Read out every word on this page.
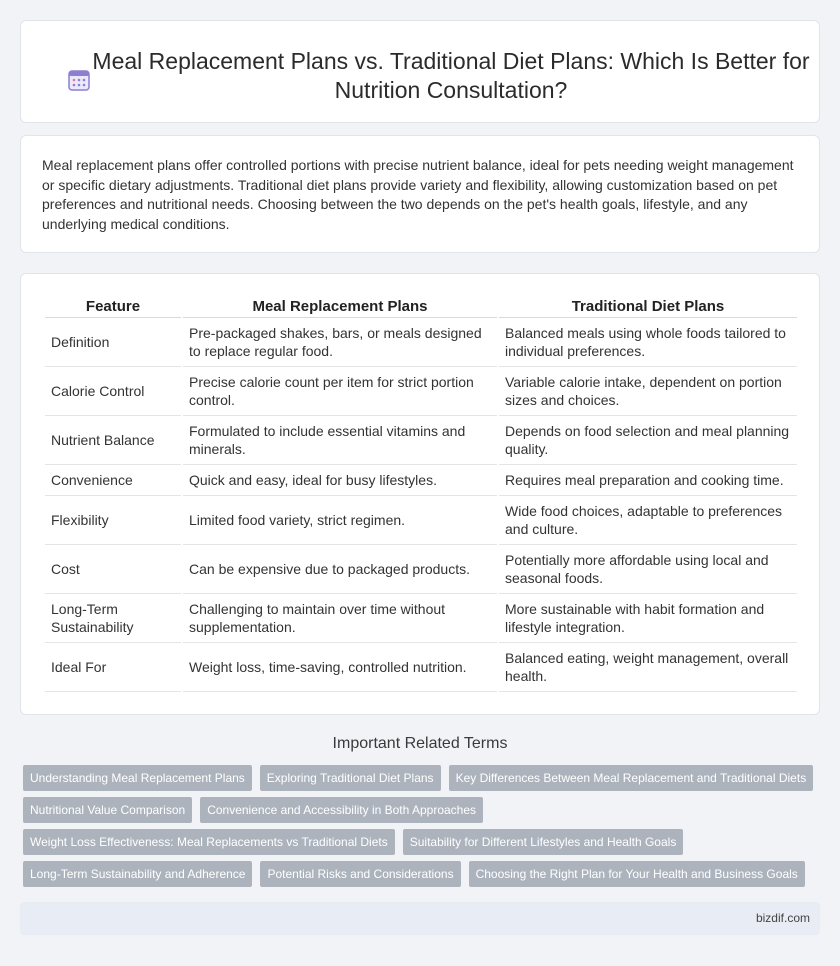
Meal Replacement Plans vs. Traditional Diet Plans: Which Is Better for Nutrition Consultation?

Meal replacement plans offer controlled portions with precise nutrient balance, ideal for pets needing weight management or specific dietary adjustments. Traditional diet plans provide variety and flexibility, allowing customization based on pet preferences and nutritional needs. Choosing between the two depends on the pet's health goals, lifestyle, and any underlying medical conditions.

Feature	Meal Replacement Plans	Traditional Diet Plans
Definition	Pre-packaged shakes, bars, or meals designed to replace regular food.	Balanced meals using whole foods tailored to individual preferences.
Calorie Control	Precise calorie count per item for strict portion control.	Variable calorie intake, dependent on portion sizes and choices.
Nutrient Balance	Formulated to include essential vitamins and minerals.	Depends on food selection and meal planning quality.
Convenience	Quick and easy, ideal for busy lifestyles.	Requires meal preparation and cooking time.
Flexibility	Limited food variety, strict regimen.	Wide food choices, adaptable to preferences and culture.
Cost	Can be expensive due to packaged products.	Potentially more affordable using local and seasonal foods.
Long-Term Sustainability	Challenging to maintain over time without supplementation.	More sustainable with habit formation and lifestyle integration.
Ideal For	Weight loss, time-saving, controlled nutrition.	Balanced eating, weight management, overall health.
Important Related Terms
Understanding Meal Replacement Plans	Exploring Traditional Diet Plans	Key Differences Between Meal Replacement and Traditional Diets
Nutritional Value Comparison	Convenience and Accessibility in Both Approaches
Weight Loss Effectiveness: Meal Replacements vs Traditional Diets	Suitability for Different Lifestyles and Health Goals
Long-Term Sustainability and Adherence	Potential Risks and Considerations	Choosing the Right Plan for Your Health and Business Goals
bizdif.com
